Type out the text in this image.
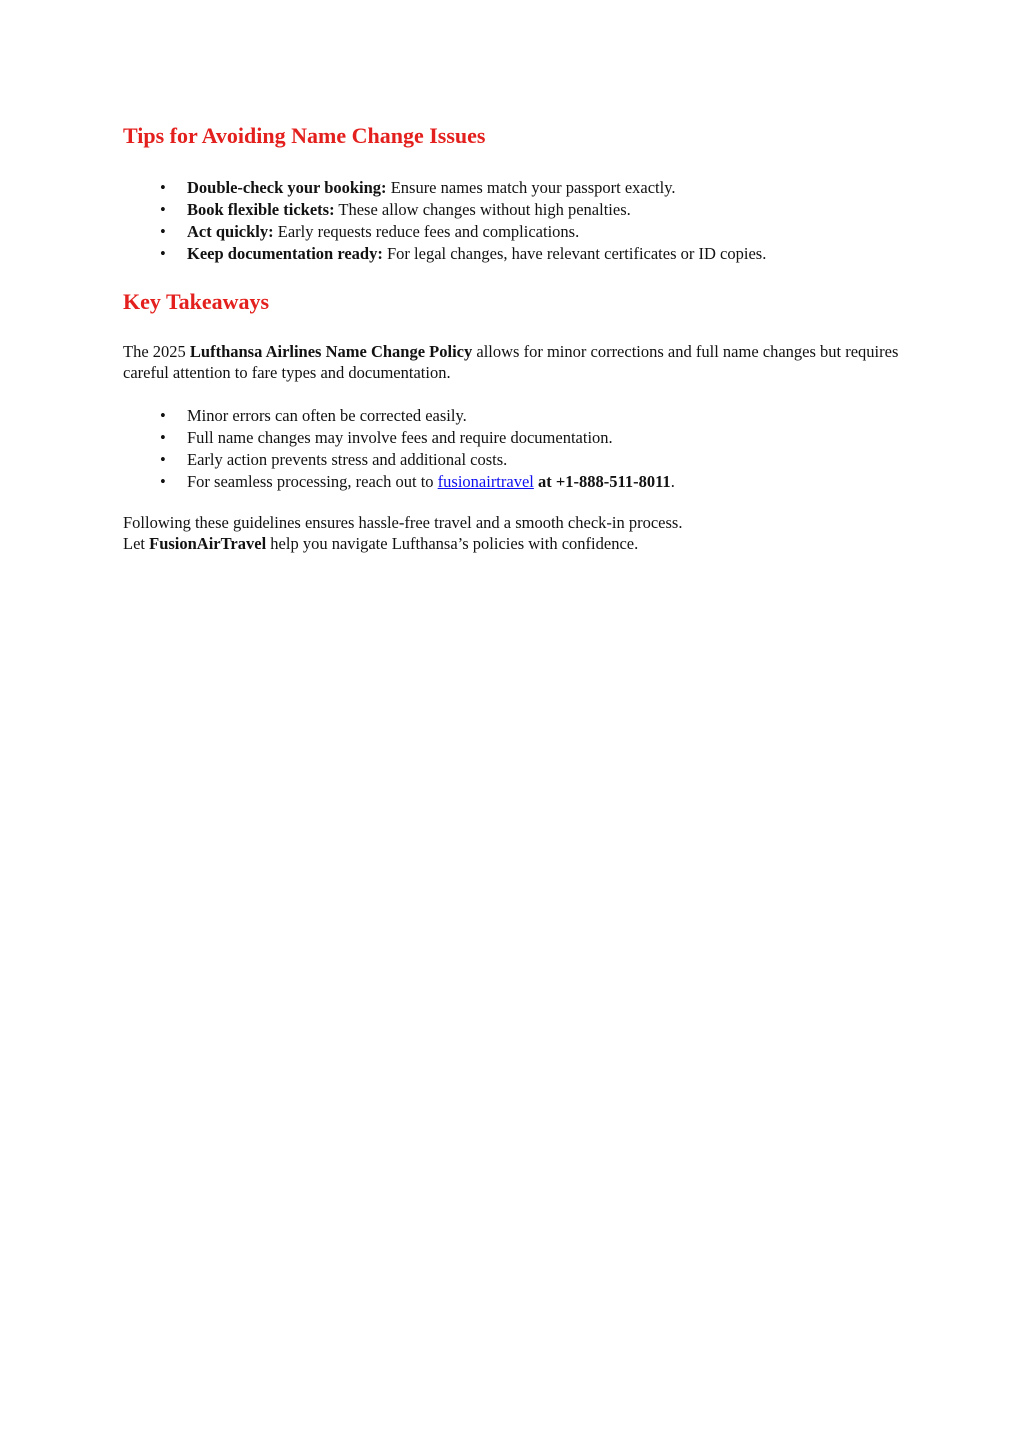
Tips for Avoiding Name Change Issues
• Double-check your booking: Ensure names match your passport exactly.
• Book flexible tickets: These allow changes without high penalties.
• Act quickly: Early requests reduce fees and complications.
• Keep documentation ready: For legal changes, have relevant certificates or ID copies.
Key Takeaways

The 2025 Lufthansa Airlines Name Change Policy allows for minor corrections and full name changes but requires careful attention to fare types and documentation.

• Minor errors can often be corrected easily.
• Full name changes may involve fees and require documentation.
• Early action prevents stress and additional costs.
• For seamless processing, reach out to fusionairtravel at +1-888-511-8011.

Following these guidelines ensures hassle-free travel and a smooth check-in process.
Let FusionAirTravel help you navigate Lufthansa’s policies with confidence.
